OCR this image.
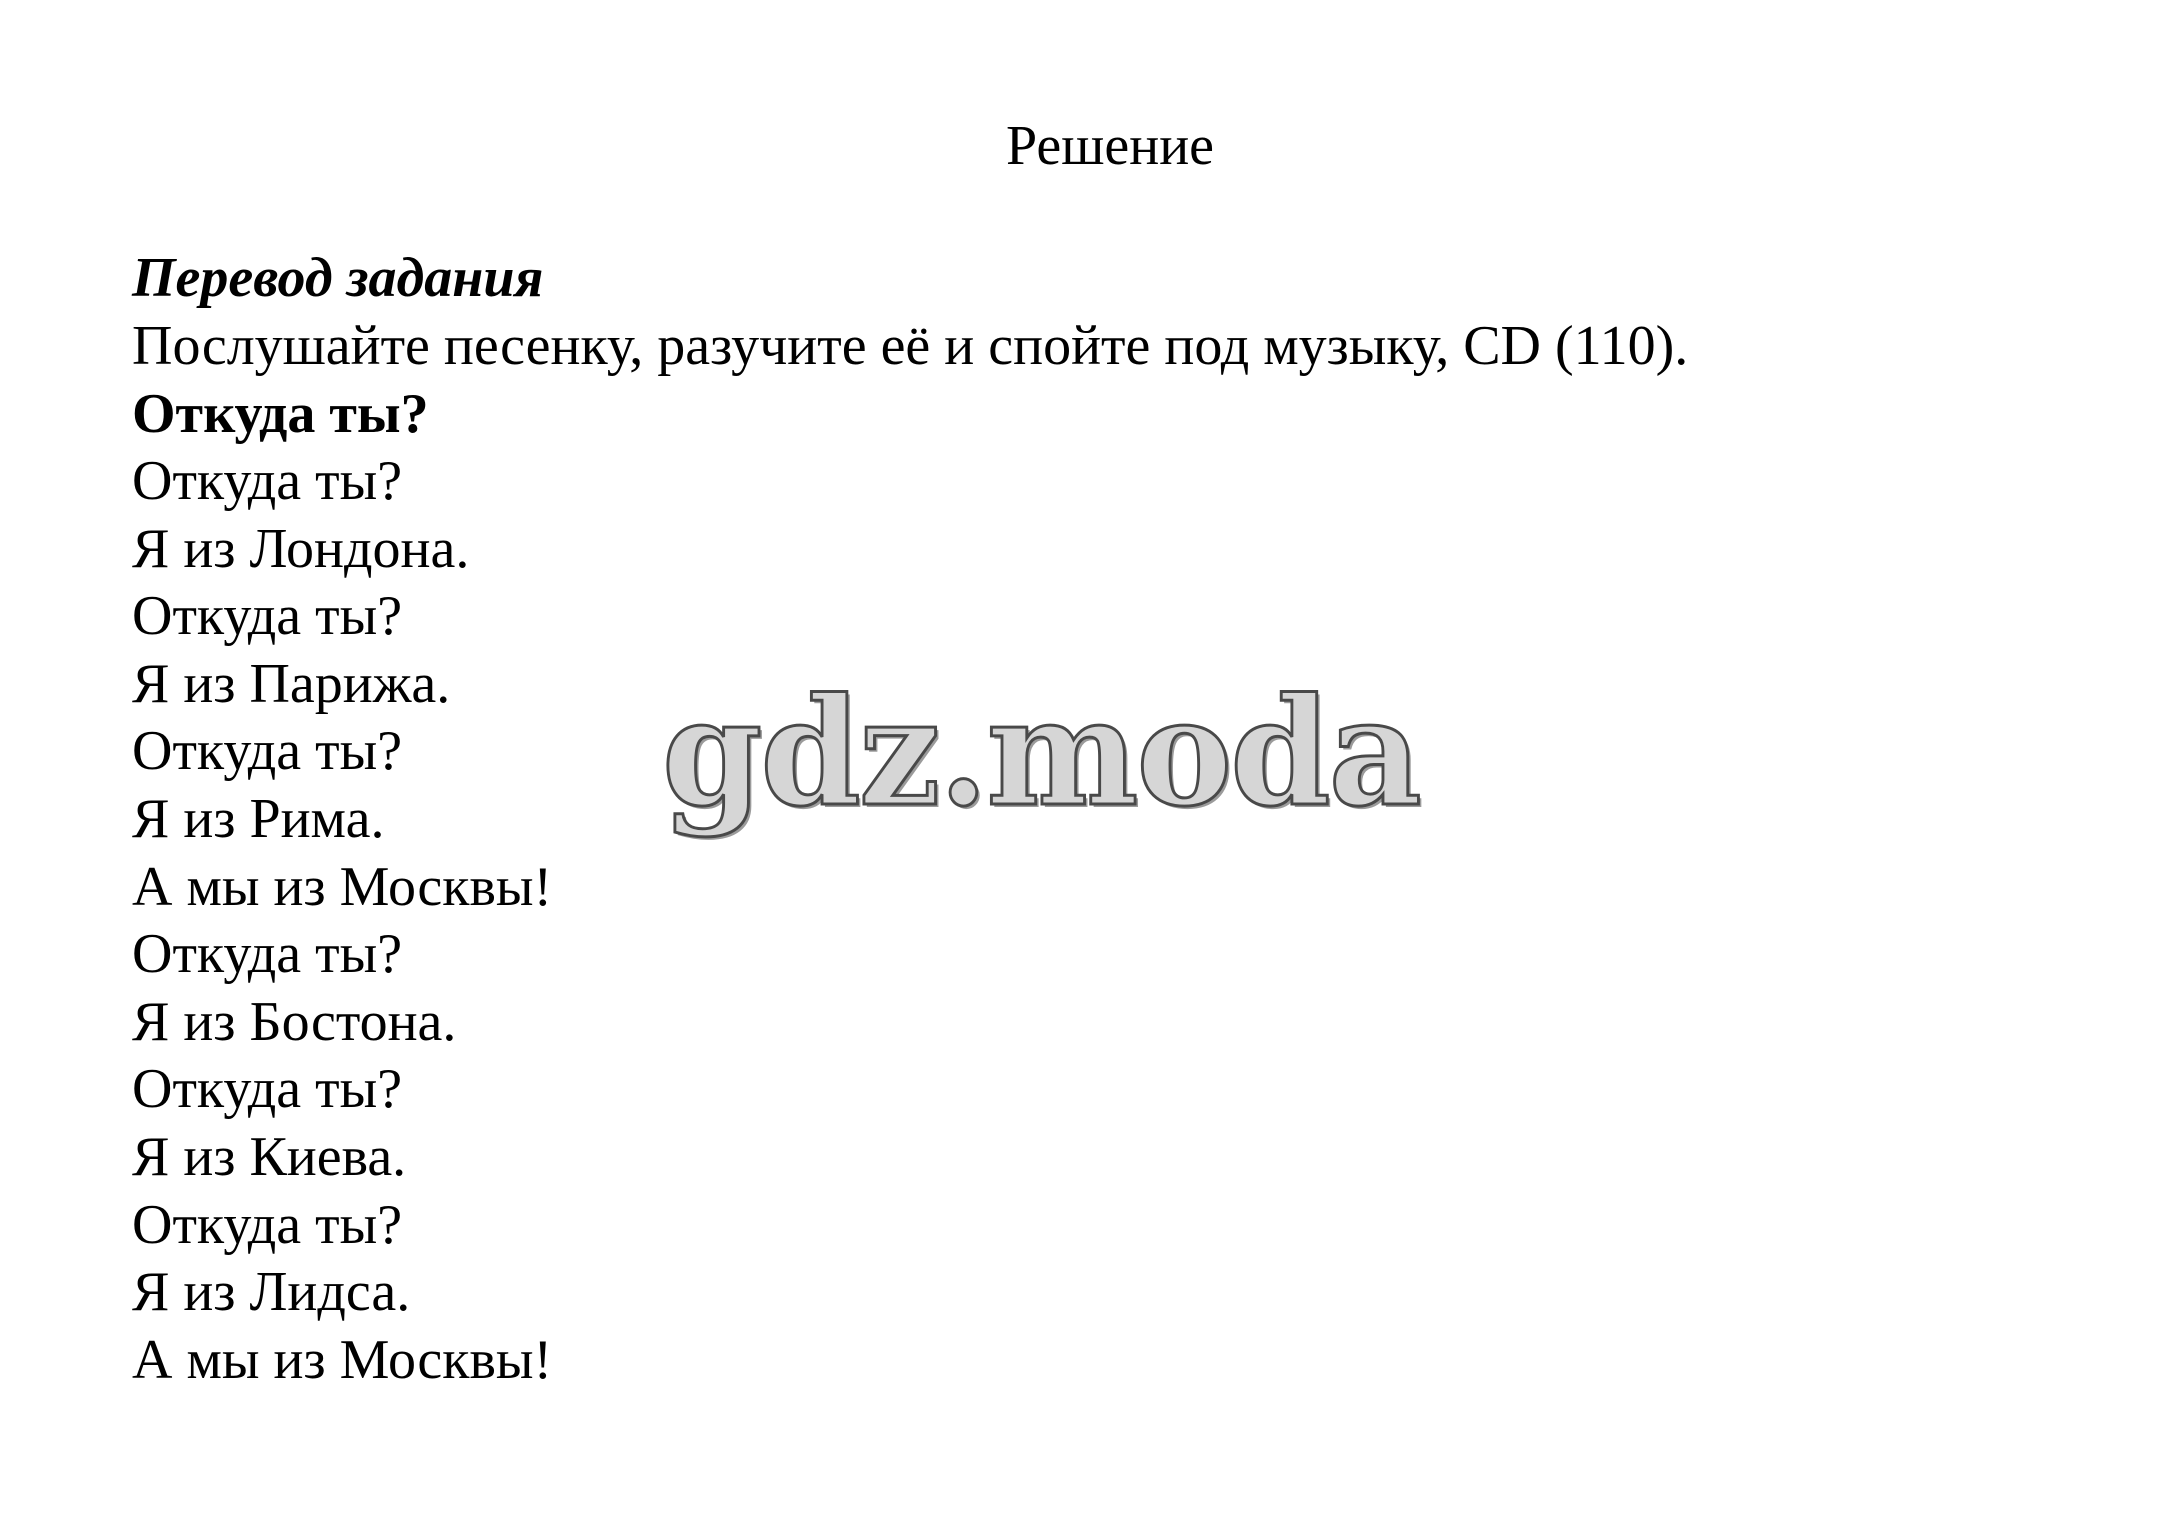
Решение
Перевод задания
Послушайте песенку, разучите её и спойте под музыку, CD (110).
Откуда ты?
Откуда ты?
Я из Лондона.
Откуда ты?
Я из Парижа.
Откуда ты?
Я из Рима.
А мы из Москвы!
Откуда ты?
Я из Бостона.
Откуда ты?
Я из Киева.
Откуда ты?
Я из Лидса.
А мы из Москвы!
gdz.moda
